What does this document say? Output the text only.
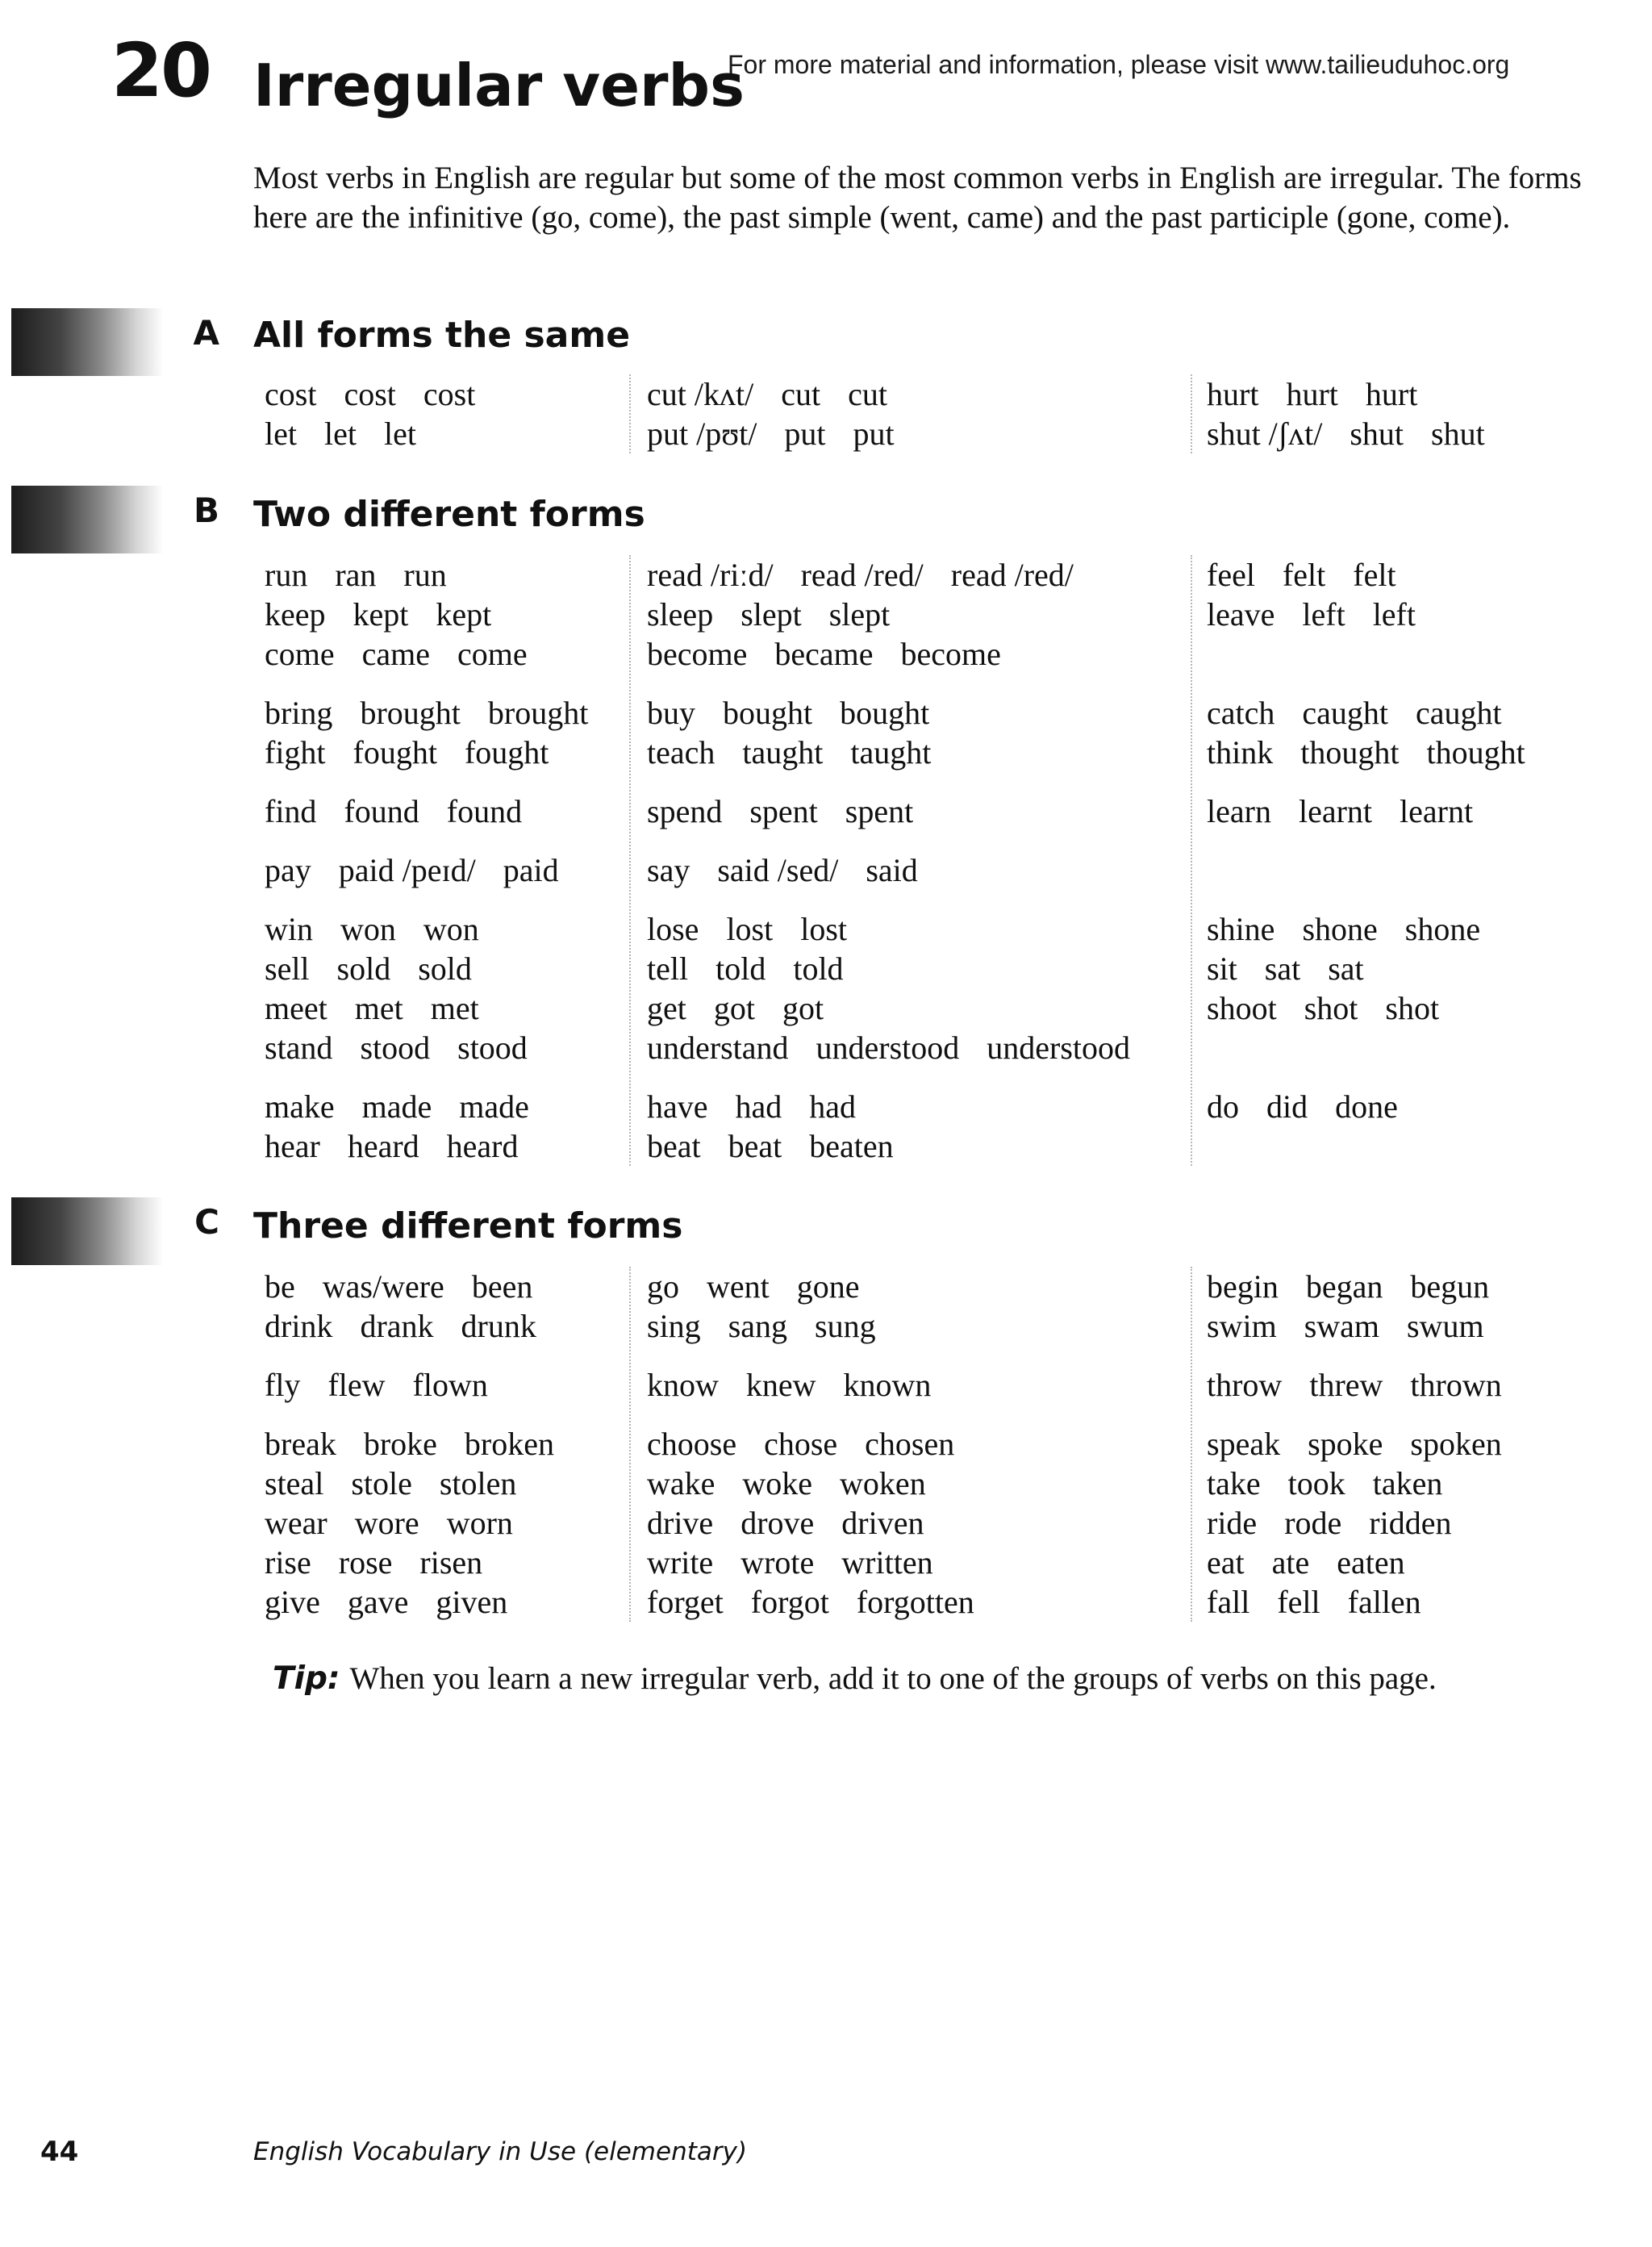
20 Irregular verbs
For more material and information, please visit www.tailieuduhoc.org

Most verbs in English are regular but some of the most common verbs in English are irregular. The forms here are the infinitive (go, come), the past simple (went, came) and the past participle (gone, come).

A All forms the same
cost cost cost
let let let
cut /kʌt/ cut cut
put /pʊt/ put put
hurt hurt hurt
shut /ʃʌt/ shut shut
B Two different forms
run ran run
keep kept kept
come came come
bring brought brought
fight fought fought
find found found
pay paid /peɪd/ paid
win won won
sell sold sold
meet met met
stand stood stood
make made made
hear heard heard
read /riːd/ read /red/ read /red/
sleep slept slept
become became become
buy bought bought
teach taught taught
spend spent spent
say said /sed/ said
lose lost lost
tell told told
get got got
understand understood understood
have had had
beat beat beaten
feel felt felt
leave left left
catch caught caught
think thought thought
learn learnt learnt
shine shone shone
sit sat sat
shoot shot shot
do did done
C Three different forms
be was/were been
drink drank drunk
fly flew flown
break broke broken
steal stole stolen
wear wore worn
rise rose risen
give gave given
go went gone
sing sang sung
know knew known
choose chose chosen
wake woke woken
drive drove driven
write wrote written
forget forgot forgotten
begin began begun
swim swam swum
throw threw thrown
speak spoke spoken
take took taken
ride rode ridden
eat ate eaten
fall fell fallen

Tip: When you learn a new irregular verb, add it to one of the groups of verbs on this page.

44	English Vocabulary in Use (elementary)
